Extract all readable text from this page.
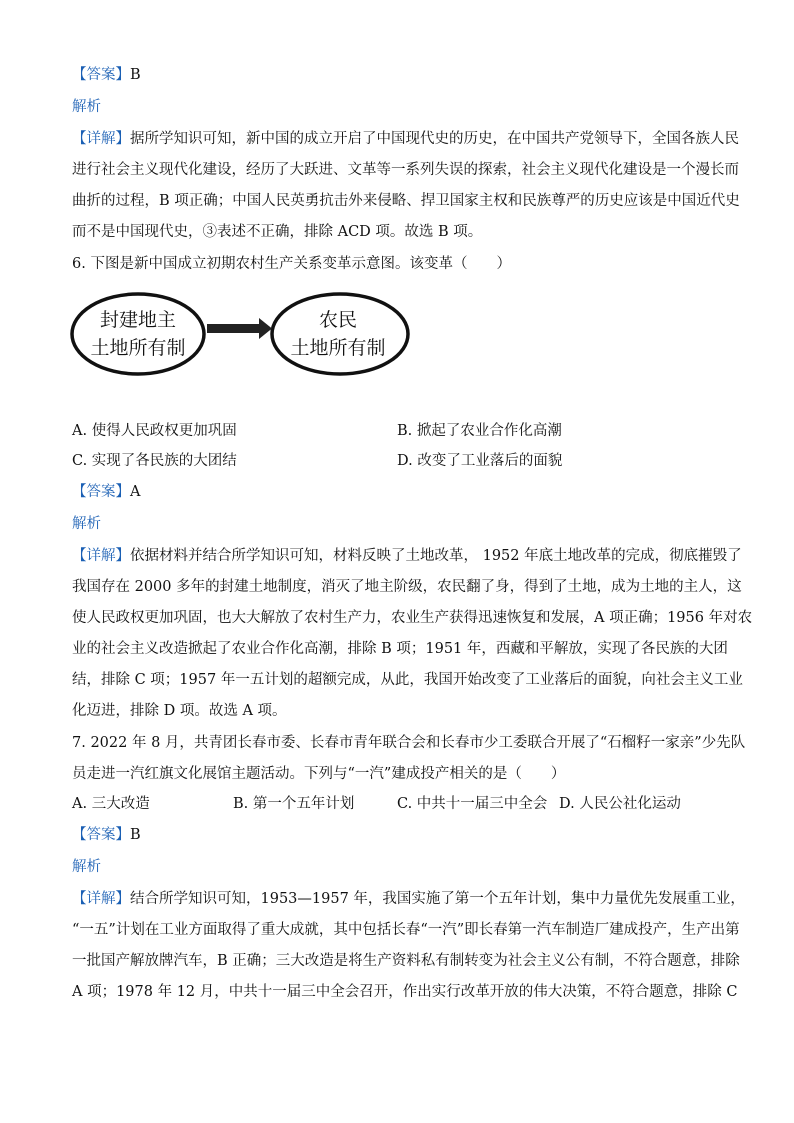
【答案】B
解析
【详解】据所学知识可知，新中国的成立开启了中国现代史的历史，在中国共产党领导下，全国各族人民
进行社会主义现代化建设，经历了大跃进、文革等一系列失误的探索，社会主义现代化建设是一个漫长而
曲折的过程，B 项正确；中国人民英勇抗击外来侵略、捍卫国家主权和民族尊严的历史应该是中国近代史
而不是中国现代史，③表述不正确，排除 ACD 项。故选 B 项。
6. 下图是新中国成立初期农村生产关系变革示意图。该变革（　　）
封建地主
土地所有制
农民
土地所有制
A. 使得人民政权更加巩固	B. 掀起了农业合作化高潮
C. 实现了各民族的大团结	D. 改变了工业落后的面貌
【答案】A
解析
【详解】依据材料并结合所学知识可知，材料反映了土地改革， 1952 年底土地改革的完成，彻底摧毁了
我国存在 2000 多年的封建土地制度，消灭了地主阶级，农民翻了身，得到了土地，成为土地的主人，这
使人民政权更加巩固，也大大解放了农村生产力，农业生产获得迅速恢复和发展，A 项正确；1956 年对农
业的社会主义改造掀起了农业合作化高潮，排除 B 项；1951 年，西藏和平解放，实现了各民族的大团
结，排除 C 项；1957 年一五计划的超额完成，从此，我国开始改变了工业落后的面貌，向社会主义工业
化迈进，排除 D 项。故选 A 项。
7. 2022 年 8 月，共青团长春市委、长春市青年联合会和长春市少工委联合开展了“石榴籽一家亲”少先队
员走进一汽红旗文化展馆主题活动。下列与“一汽”建成投产相关的是（　　）
A. 三大改造	B. 第一个五年计划	C. 中共十一届三中全会 D. 人民公社化运动
【答案】B
解析
【详解】结合所学知识可知，1953—1957 年，我国实施了第一个五年计划，集中力量优先发展重工业，
“一五”计划在工业方面取得了重大成就，其中包括长春“一汽”即长春第一汽车制造厂建成投产，生产出第
一批国产解放牌汽车，B 正确；三大改造是将生产资料私有制转变为社会主义公有制，不符合题意，排除
A 项；1978 年 12 月，中共十一届三中全会召开，作出实行改革开放的伟大决策，不符合题意，排除 C
